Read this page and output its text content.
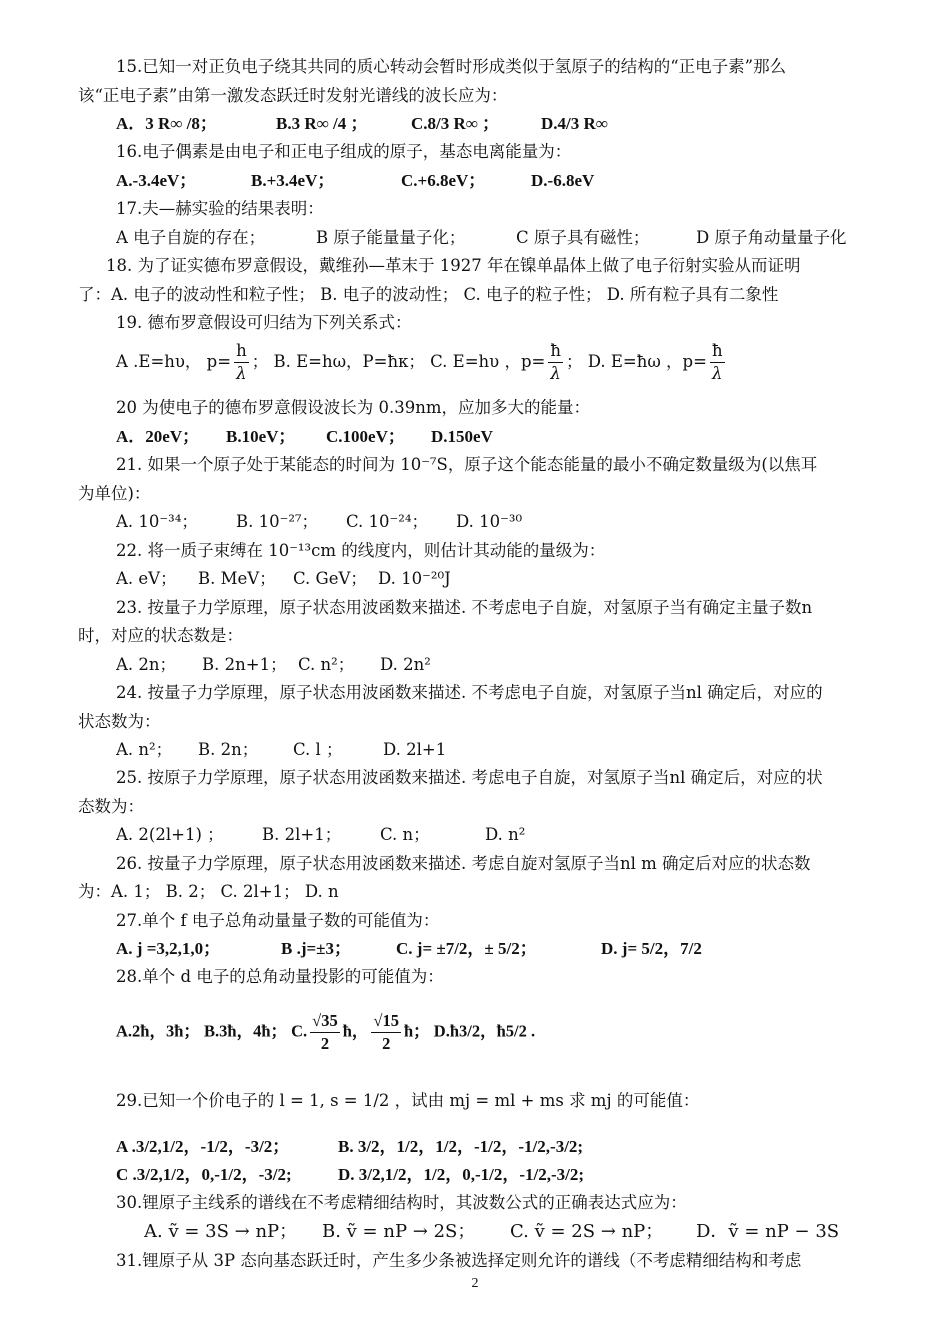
15.已知一对正负电子绕其共同的质心转动会暂时形成类似于氢原子的结构的“正电子素”那么
该“正电子素”由第一激发态跃迁时发射光谱线的波长应为：
A．3 R∞ /8；	B.3 R∞ /4 ；	C.8/3 R∞ ；	D.4/3 R∞
16.电子偶素是由电子和正电子组成的原子，基态电离能量为：
A.-3.4eV；	B.+3.4eV；	C.+6.8eV；	D.-6.8eV
17.夫—赫实验的结果表明：
A 电子自旋的存在；	B 原子能量量子化；	C 原子具有磁性；	D 原子角动量量子化
18. 为了证实德布罗意假设，戴维孙—革末于 1927 年在镍单晶体上做了电子衍射实验从而证明
了：A. 电子的波动性和粒子性； B. 电子的波动性； C. 电子的粒子性； D. 所有粒子具有二象性
19. 德布罗意假设可归结为下列关系式：
A .E=hυ， $p= \frac{h}{\lambda}$ ； B. E=hω，P=ħκ； C. E=hυ ，$p= \frac{ħ}{\lambda}$ ； D. E=ħω ，$p= \frac{ħ}{\lambda}$
20 为使电子的德布罗意假设波长为 0.39nm，应加多大的能量：
A．20eV；	B.10eV；	C.100eV；	D.150eV
21. 如果一个原子处于某能态的时间为 10⁻⁷S，原子这个能态能量的最小不确定数量级为(以焦耳
为单位)：
A. 10⁻³⁴；	B. 10⁻²⁷；	C. 10⁻²⁴；	D. 10⁻³⁰
22. 将一质子束缚在 10⁻¹³cm 的线度内，则估计其动能的量级为：
A. eV；	B. MeV；	C. GeV； D. 10⁻²⁰J
23. 按量子力学原理，原子状态用波函数来描述. 不考虑电子自旋，对氢原子当有确定主量子数n
时，对应的状态数是：
A. 2n；	B. 2n+1； C. n²；	D. 2n²
24. 按量子力学原理，原子状态用波函数来描述. 不考虑电子自旋，对氢原子当nl 确定后，对应的
状态数为：
A. n²；	B. 2n；	C. l ；	D. 2l+1
25. 按原子力学原理，原子状态用波函数来描述. 考虑电子自旋，对氢原子当nl 确定后，对应的状
态数为：
A. 2(2l+1) ；	B. 2l+1；	C. n；	D. n²
26. 按量子力学原理，原子状态用波函数来描述. 考虑自旋对氢原子当nl m 确定后对应的状态数
为：A. 1； B. 2； C. 2l+1； D. n
27.单个 f 电子总角动量量子数的可能值为：
A. j =3,2,1,0；	B .j=±3；	C. j= ±7/2，± 5/2；	D. j= 5/2，7/2
28.单个 d 电子的总角动量投影的可能值为：
A.2ħ，3ħ； B.3ħ，4ħ； C. $\frac{√35}{2}$ ħ， $\frac{√15}{2}$ ħ； D.ħ3/2，ħ5/2 .
29.已知一个价电子的 l = 1, s = 1/2 ，试由 mj = ml + ms 求 mj 的可能值：
A .3/2,1/2，-1/2，-3/2；	B. 3/2，1/2，1/2，-1/2，-1/2,-3/2;
C .3/2,1/2，0,-1/2，-3/2;	D. 3/2,1/2，1/2，0,-1/2，-1/2,-3/2;
30.锂原子主线系的谱线在不考虑精细结构时，其波数公式的正确表达式应为：
A. ṽ = 3S → nP；	B. ṽ = nP → 2S；	C. ṽ = 2S → nP；	D．ṽ = nP − 3S
31.锂原子从 3P 态向基态跃迁时，产生多少条被选择定则允许的谱线（不考虑精细结构和考虑
2
